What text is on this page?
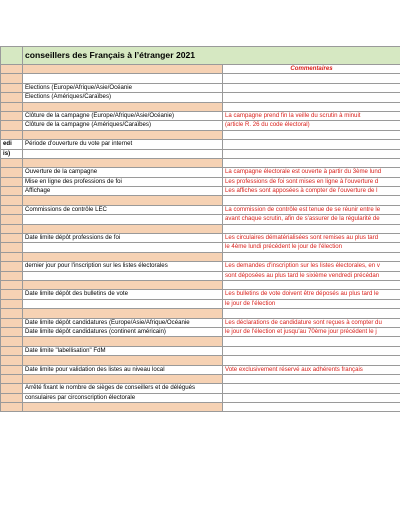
	conseillers des Français à l’étranger 2021	
		Commentaires

	Elections (Europe/Afrique/Asie/Océanie	
	Elections (Amériques/Caraïbes)	

	Clôture de la campagne (Europe/Afrique/Asie/Océanie)	La campagne prend fin la veille du scrutin à minuit
	Clôture de la campagne (Amériques/Caraïbes)	(article R. 26 du code électoral)

edi	Période d'ouverture du vote par internet	
is)		

	Ouverture de la campagne	La campagne électorale est ouverte à partir du 3ème lund
	Mise en ligne des professions de foi	Les professions de foi sont mises en ligne à l'ouverture d
	Affichage	Les affiches sont apposées à compter de l'ouverture de l

	Commissions de contrôle LEC	La commission de contrôle est tenue de se réunir entre le
		avant chaque scrutin, afin de s'assurer de la régularité de

	Date limite dépôt professions de foi	Les circulaires dématérialisées sont remises au plus tard
		le 4ème lundi précédent le jour de l'élection

	dernier jour pour l'inscription sur les listes électorales	Les demandes d'inscription sur les listes électorales, en v
		sont déposées au plus tard le sixième vendredi précédan

	Date limite dépôt des bulletins de vote	Les bulletins de vote doivent être déposés au plus tard le
		le jour de l'élection

	Date limite dépôt candidatures (Europe/Asie/Afrique/Océanie	Les déclarations de candidature sont reçues à compter du
	Date limite dépôt candidatures (continent américain)	le jour de l'élection et jusqu'au 70ème jour précédent le j

	Date limite "labellisation" FdM	

	Date limite pour validation des listes au niveau local	Vote exclusivement réservé aux adhérents français

	Arrêté fixant le nombre de sièges de conseillers et de délégués	
	consulaires par circonscription électorale	
